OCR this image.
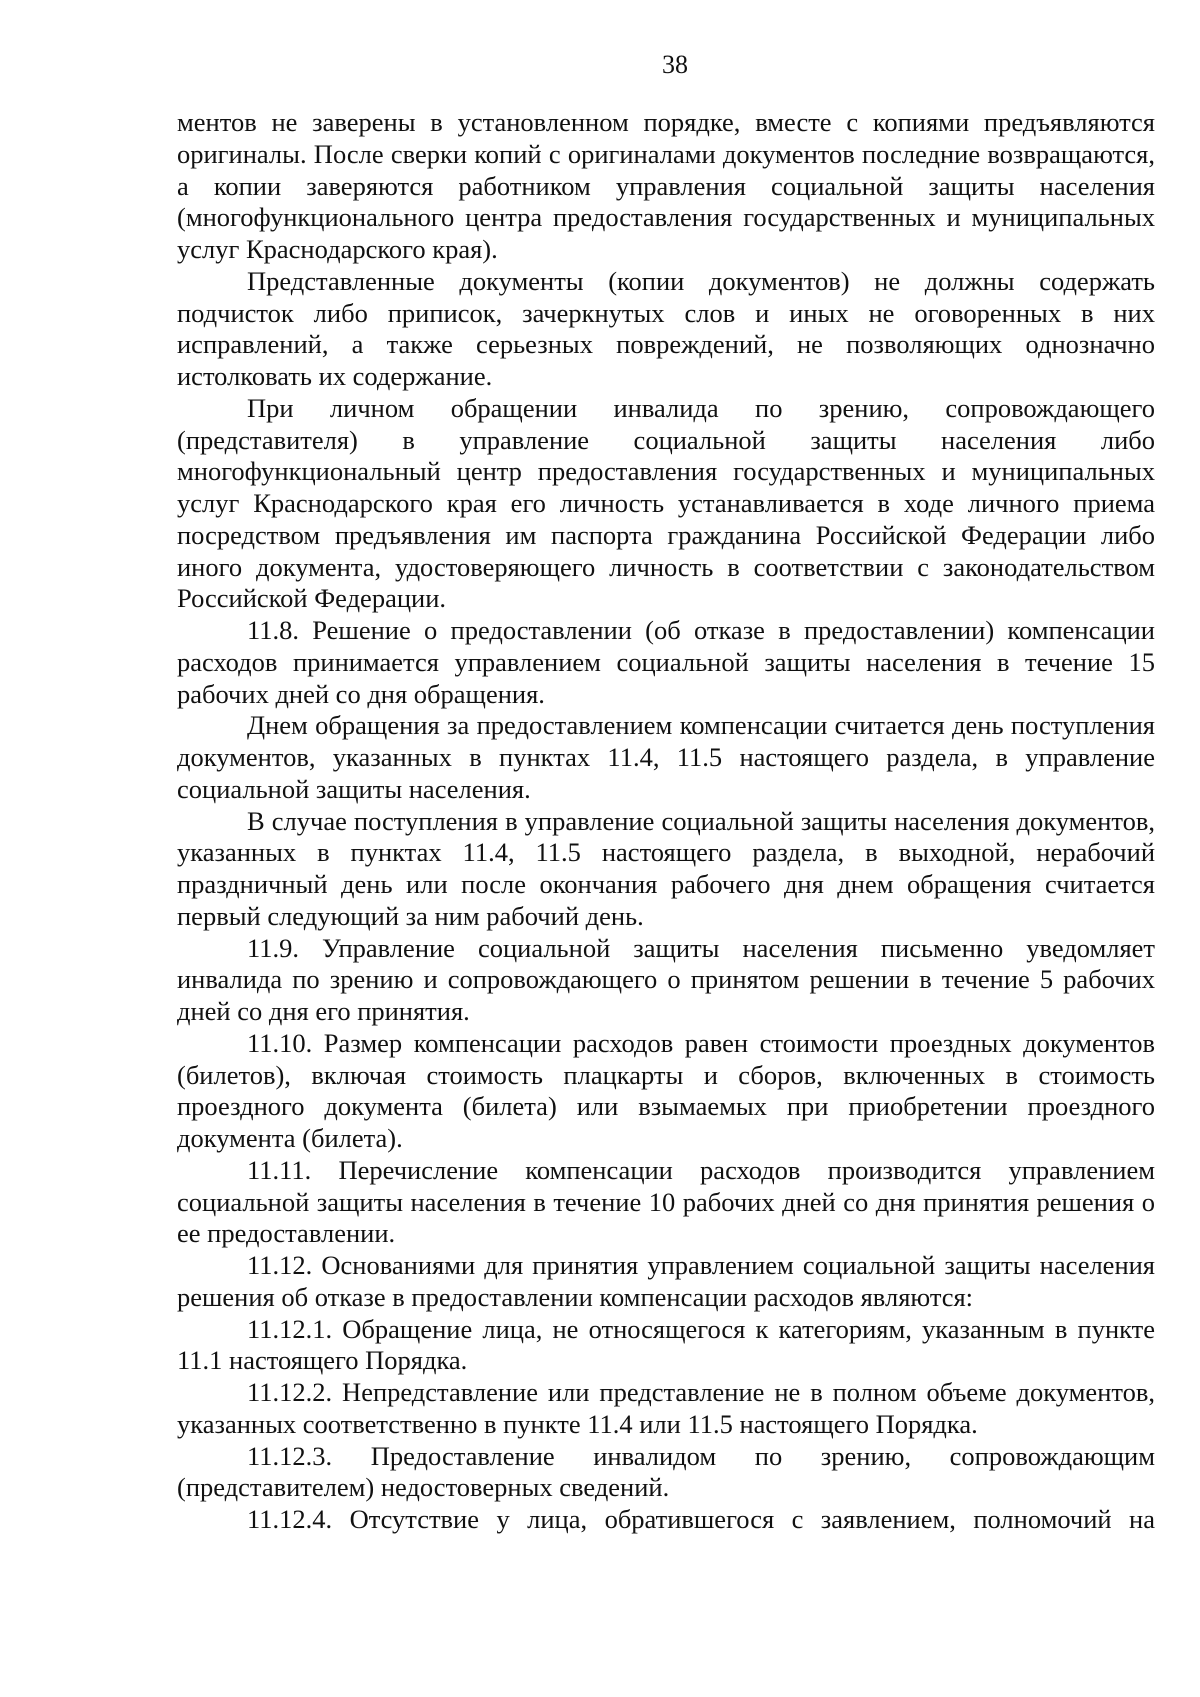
38

ментов не заверены в установленном порядке, вместе с копиями предъявляются оригиналы. После сверки копий с оригиналами документов последние возвращаются, а копии заверяются работником управления социальной защиты населения (многофункционального центра предоставления государственных и муниципальных услуг Краснодарского края).

Представленные документы (копии документов) не должны содержать подчисток либо приписок, зачеркнутых слов и иных не оговоренных в них исправлений, а также серьезных повреждений, не позволяющих однозначно истолковать их содержание.

При личном обращении инвалида по зрению, сопровождающего (представителя) в управление социальной защиты населения либо многофункциональный центр предоставления государственных и муниципальных услуг Краснодарского края его личность устанавливается в ходе личного приема посредством предъявления им паспорта гражданина Российской Федерации либо иного документа, удостоверяющего личность в соответствии с законодательством Российской Федерации.

11.8. Решение о предоставлении (об отказе в предоставлении) компенсации расходов принимается управлением социальной защиты населения в течение 15 рабочих дней со дня обращения.

Днем обращения за предоставлением компенсации считается день поступления документов, указанных в пунктах 11.4, 11.5 настоящего раздела, в управление социальной защиты населения.

В случае поступления в управление социальной защиты населения документов, указанных в пунктах 11.4, 11.5 настоящего раздела, в выходной, нерабочий праздничный день или после окончания рабочего дня днем обращения считается первый следующий за ним рабочий день.

11.9. Управление социальной защиты населения письменно уведомляет инвалида по зрению и сопровождающего о принятом решении в течение 5 рабочих дней со дня его принятия.

11.10. Размер компенсации расходов равен стоимости проездных документов (билетов), включая стоимость плацкарты и сборов, включенных в стоимость проездного документа (билета) или взымаемых при приобретении проездного документа (билета).

11.11. Перечисление компенсации расходов производится управлением социальной защиты населения в течение 10 рабочих дней со дня принятия решения о ее предоставлении.

11.12. Основаниями для принятия управлением социальной защиты населения решения об отказе в предоставлении компенсации расходов являются:

11.12.1. Обращение лица, не относящегося к категориям, указанным в пункте 11.1 настоящего Порядка.

11.12.2. Непредставление или представление не в полном объеме документов, указанных соответственно в пункте 11.4 или 11.5 настоящего Порядка.

11.12.3. Предоставление инвалидом по зрению, сопровождающим (представителем) недостоверных сведений.

11.12.4. Отсутствие у лица, обратившегося с заявлением, полномочий на
